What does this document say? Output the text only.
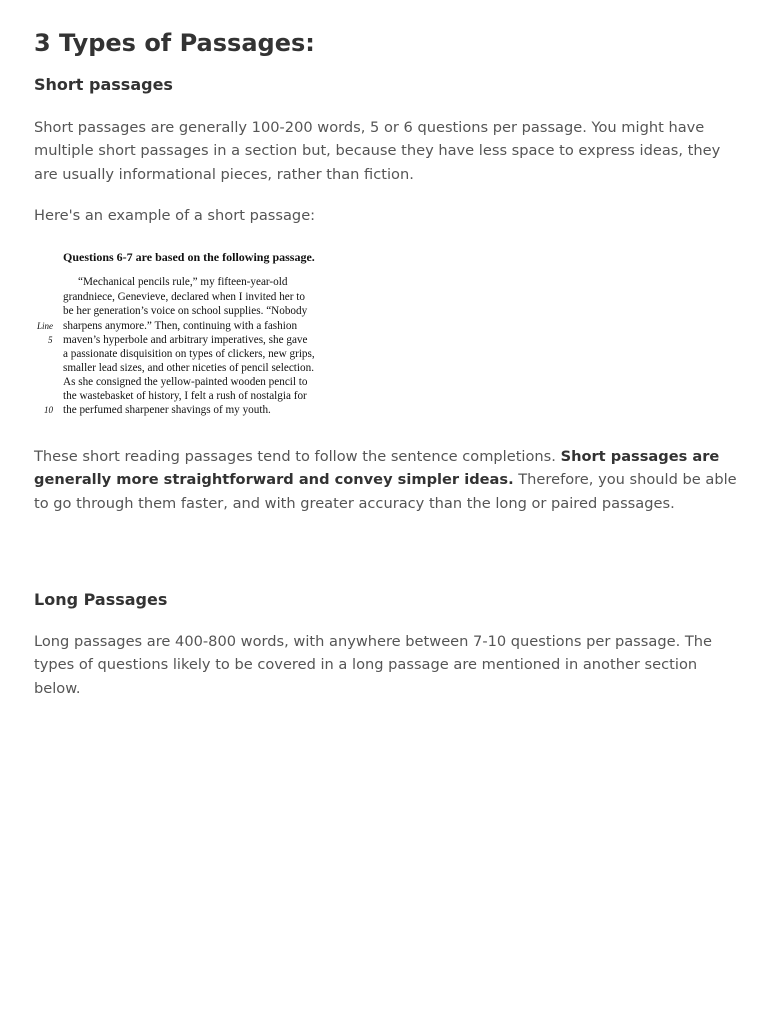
3 Types of Passages:
Short passages

Short passages are generally 100-200 words, 5 or 6 questions per passage. You might have multiple short passages in a section but, because they have less space to express ideas, they are usually informational pieces, rather than fiction.

Here's an example of a short passage:

Questions 6-7 are based on the following passage.
“Mechanical pencils rule,” my fifteen-year-old
grandniece, Genevieve, declared when I invited her to
be her generation’s voice on school supplies. “Nobody
Line sharpens anymore.” Then, continuing with a fashion
5 maven’s hyperbole and arbitrary imperatives, she gave
a passionate disquisition on types of clickers, new grips,
smaller lead sizes, and other niceties of pencil selection.
As she consigned the yellow-painted wooden pencil to
the wastebasket of history, I felt a rush of nostalgia for
10 the perfumed sharpener shavings of my youth.

These short reading passages tend to follow the sentence completions. Short passages are generally more straightforward and convey simpler ideas. Therefore, you should be able to go through them faster, and with greater accuracy than the long or paired passages.

Long Passages

Long passages are 400-800 words, with anywhere between 7-10 questions per passage. The types of questions likely to be covered in a long passage are mentioned in another section below.
